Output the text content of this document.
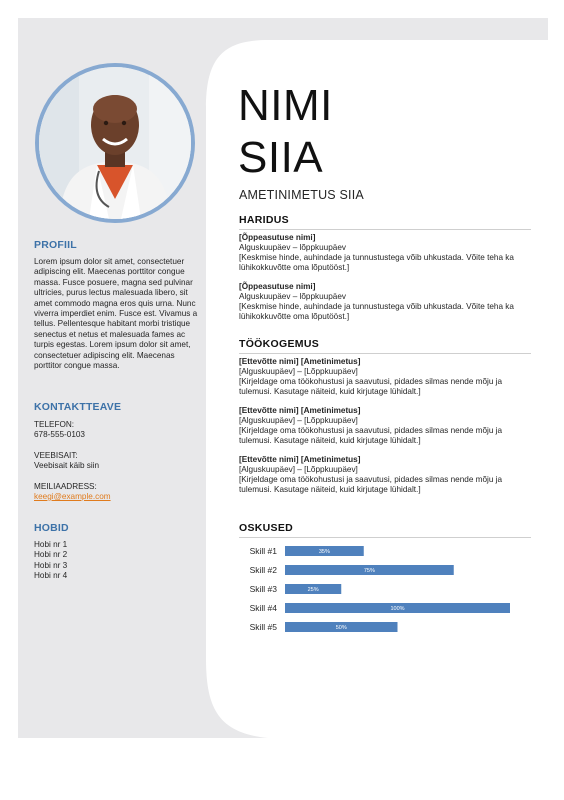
PROFIIL

Lorem ipsum dolor sit amet, consectetuer adipiscing elit. Maecenas porttitor congue massa. Fusce posuere, magna sed pulvinar ultricies, purus lectus malesuada libero, sit amet commodo magna eros quis urna. Nunc viverra imperdiet enim. Fusce est. Vivamus a tellus. Pellentesque habitant morbi tristique senectus et netus et malesuada fames ac turpis egestas. Lorem ipsum dolor sit amet, consectetuer adipiscing elit. Maecenas porttitor congue massa.

KONTAKTTEAVE

TELEFON:

678-555-0103

VEEBISAIT:

Veebisait käib siin

MEILIAADRESS:

keegi@example.com

HOBID

Hobi nr 1

Hobi nr 2

Hobi nr 3

Hobi nr 4

NIMI
SIIA

AMETINIMETUS SIIA

HARIDUS

[Õppeasutuse nimi]

Alguskuupäev – lõppkuupäev

[Keskmise hinde, auhindade ja tunnustustega võib uhkustada. Võite teha ka lühikokkuvõtte oma lõputööst.]

[Õppeasutuse nimi]

Alguskuupäev – lõppkuupäev

[Keskmise hinde, auhindade ja tunnustustega võib uhkustada. Võite teha ka lühikokkuvõtte oma lõputööst.]

TÖÖKOGEMUS

[Ettevõtte nimi] [Ametinimetus]

[Alguskuupäev] – [Lõppkuupäev]

[Kirjeldage oma töökohustusi ja saavutusi, pidades silmas nende mõju ja tulemusi. Kasutage näiteid, kuid kirjutage lühidalt.]

[Ettevõtte nimi] [Ametinimetus]

[Alguskuupäev] – [Lõppkuupäev]

[Kirjeldage oma töökohustusi ja saavutusi, pidades silmas nende mõju ja tulemusi. Kasutage näiteid, kuid kirjutage lühidalt.]

[Ettevõtte nimi] [Ametinimetus]

[Alguskuupäev] – [Lõppkuupäev]

[Kirjeldage oma töökohustusi ja saavutusi, pidades silmas nende mõju ja tulemusi. Kasutage näiteid, kuid kirjutage lühidalt.]

OSKUSED
Skill #1	35%
Skill #2	75%
Skill #3	25%
Skill #4	100%
Skill #5	50%
